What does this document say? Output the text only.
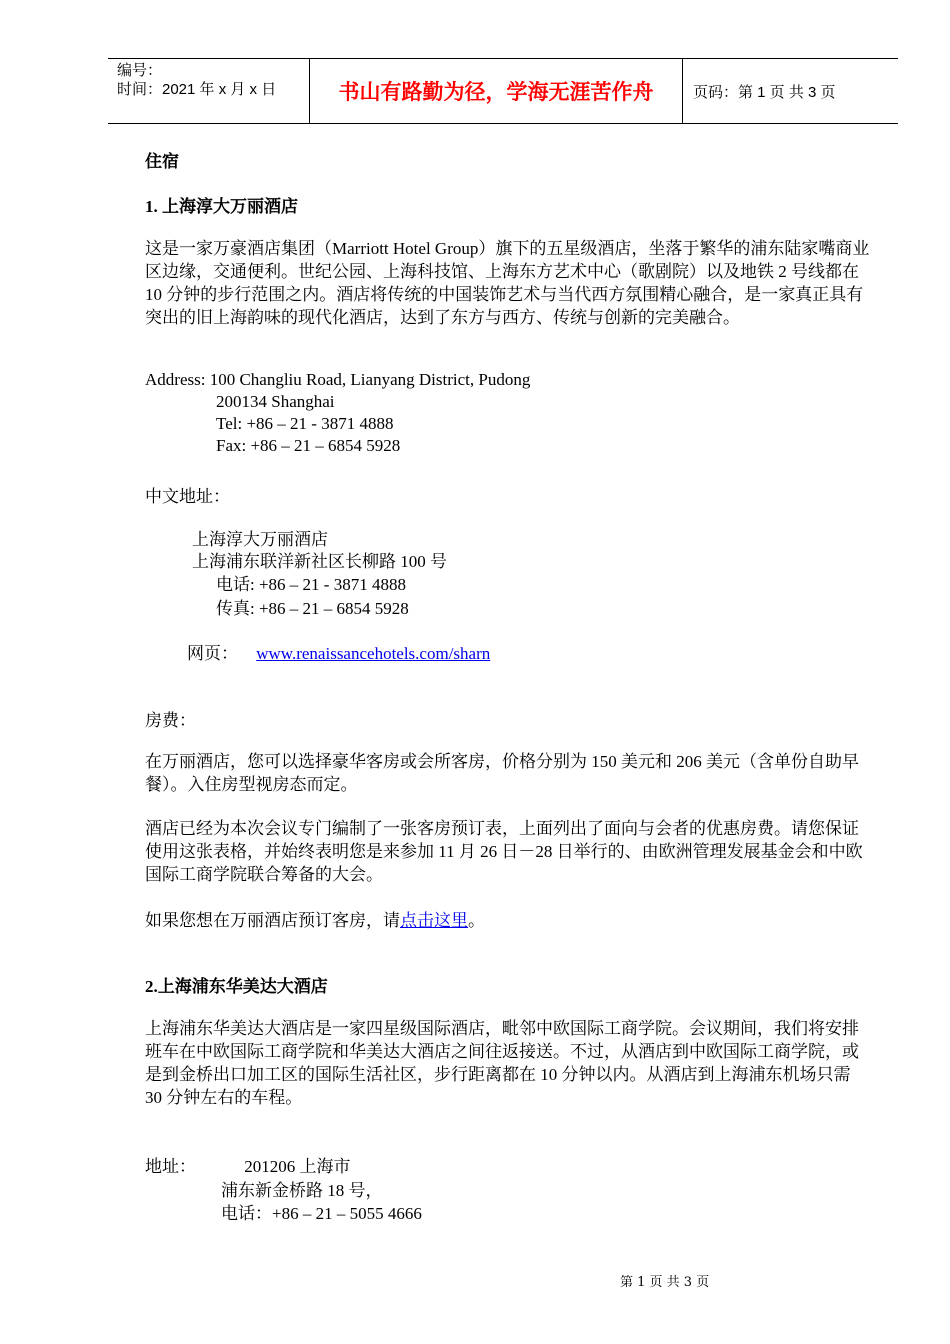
编号：
时间：2021 年 x 月 x 日	书山有路勤为径，学海无涯苦作舟	页码：第 1 页 共 3 页
住宿
1. 上海淳大万丽酒店
这是一家万豪酒店集团（Marriott Hotel Group）旗下的五星级酒店，坐落于繁华的浦东陆家嘴商业区边缘，交通便利。世纪公园、上海科技馆、上海东方艺术中心（歌剧院）以及地铁 2 号线都在 10 分钟的步行范围之内。酒店将传统的中国装饰艺术与当代西方氛围精心融合，是一家真正具有突出的旧上海韵味的现代化酒店，达到了东方与西方、传统与创新的完美融合。
Address: 100 Changliu Road, Lianyang District, Pudong
200134 Shanghai
Tel: +86 – 21 - 3871 4888
Fax: +86 – 21 – 6854 5928
中文地址：
上海淳大万丽酒店
上海浦东联洋新社区长柳路 100 号
电话: +86 – 21 - 3871 4888
传真: +86 – 21 – 6854 5928
网页： www.renaissancehotels.com/sharn
房费：
在万丽酒店，您可以选择豪华客房或会所客房，价格分别为 150 美元和 206 美元（含单份自助早餐）。入住房型视房态而定。
酒店已经为本次会议专门编制了一张客房预订表，上面列出了面向与会者的优惠房费。请您保证使用这张表格，并始终表明您是来参加 11 月 26 日－28 日举行的、由欧洲管理发展基金会和中欧国际工商学院联合筹备的大会。
如果您想在万丽酒店预订客房，请点击这里。
2.上海浦东华美达大酒店
上海浦东华美达大酒店是一家四星级国际酒店，毗邻中欧国际工商学院。会议期间，我们将安排班车在中欧国际工商学院和华美达大酒店之间往返接送。不过，从酒店到中欧国际工商学院，或是到金桥出口加工区的国际生活社区，步行距离都在 10 分钟以内。从酒店到上海浦东机场只需 30 分钟左右的车程。
地址：	201206 上海市
浦东新金桥路 18 号，
电话：+86 – 21 – 5055 4666
第 1 页 共 3 页
